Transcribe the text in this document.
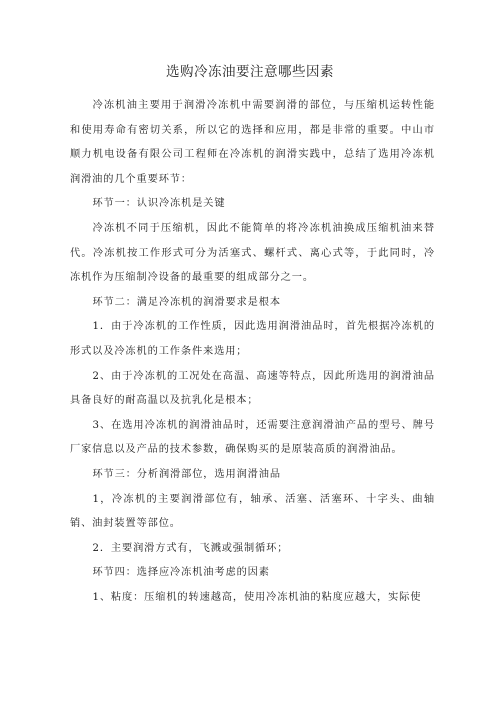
选购冷冻油要注意哪些因素

冷冻机油主要用于润滑冷冻机中需要润滑的部位，与压缩机运转性能和使用寿命有密切关系，所以它的选择和应用，都是非常的重要。中山市顺力机电设备有限公司工程师在冷冻机的润滑实践中，总结了选用冷冻机润滑油的几个重要环节：

环节一：认识冷冻机是关键

冷冻机不同于压缩机，因此不能简单的将冷冻机油换成压缩机油来替代。冷冻机按工作形式可分为活塞式、螺杆式、离心式等，于此同时，冷冻机作为压缩制冷设备的最重要的组成部分之一。

环节二：满足冷冻机的润滑要求是根本

1．由于冷冻机的工作性质，因此选用润滑油品时，首先根据冷冻机的形式以及冷冻机的工作条件来选用；

2、由于冷冻机的工况处在高温、高速等特点，因此所选用的润滑油品具备良好的耐高温以及抗乳化是根本；

3、在选用冷冻机的润滑油品时，还需要注意润滑油产品的型号、牌号厂家信息以及产品的技术参数，确保购买的是原装高质的润滑油品。

环节三：分析润滑部位，选用润滑油品

1，冷冻机的主要润滑部位有，轴承、活塞、活塞环、十字头、曲轴销、油封装置等部位。

2．主要润滑方式有，飞溅或强制循环；

环节四：选择应冷冻机油考虑的因素

1、粘度：压缩机的转速越高，使用冷冻机油的粘度应越大，实际使
